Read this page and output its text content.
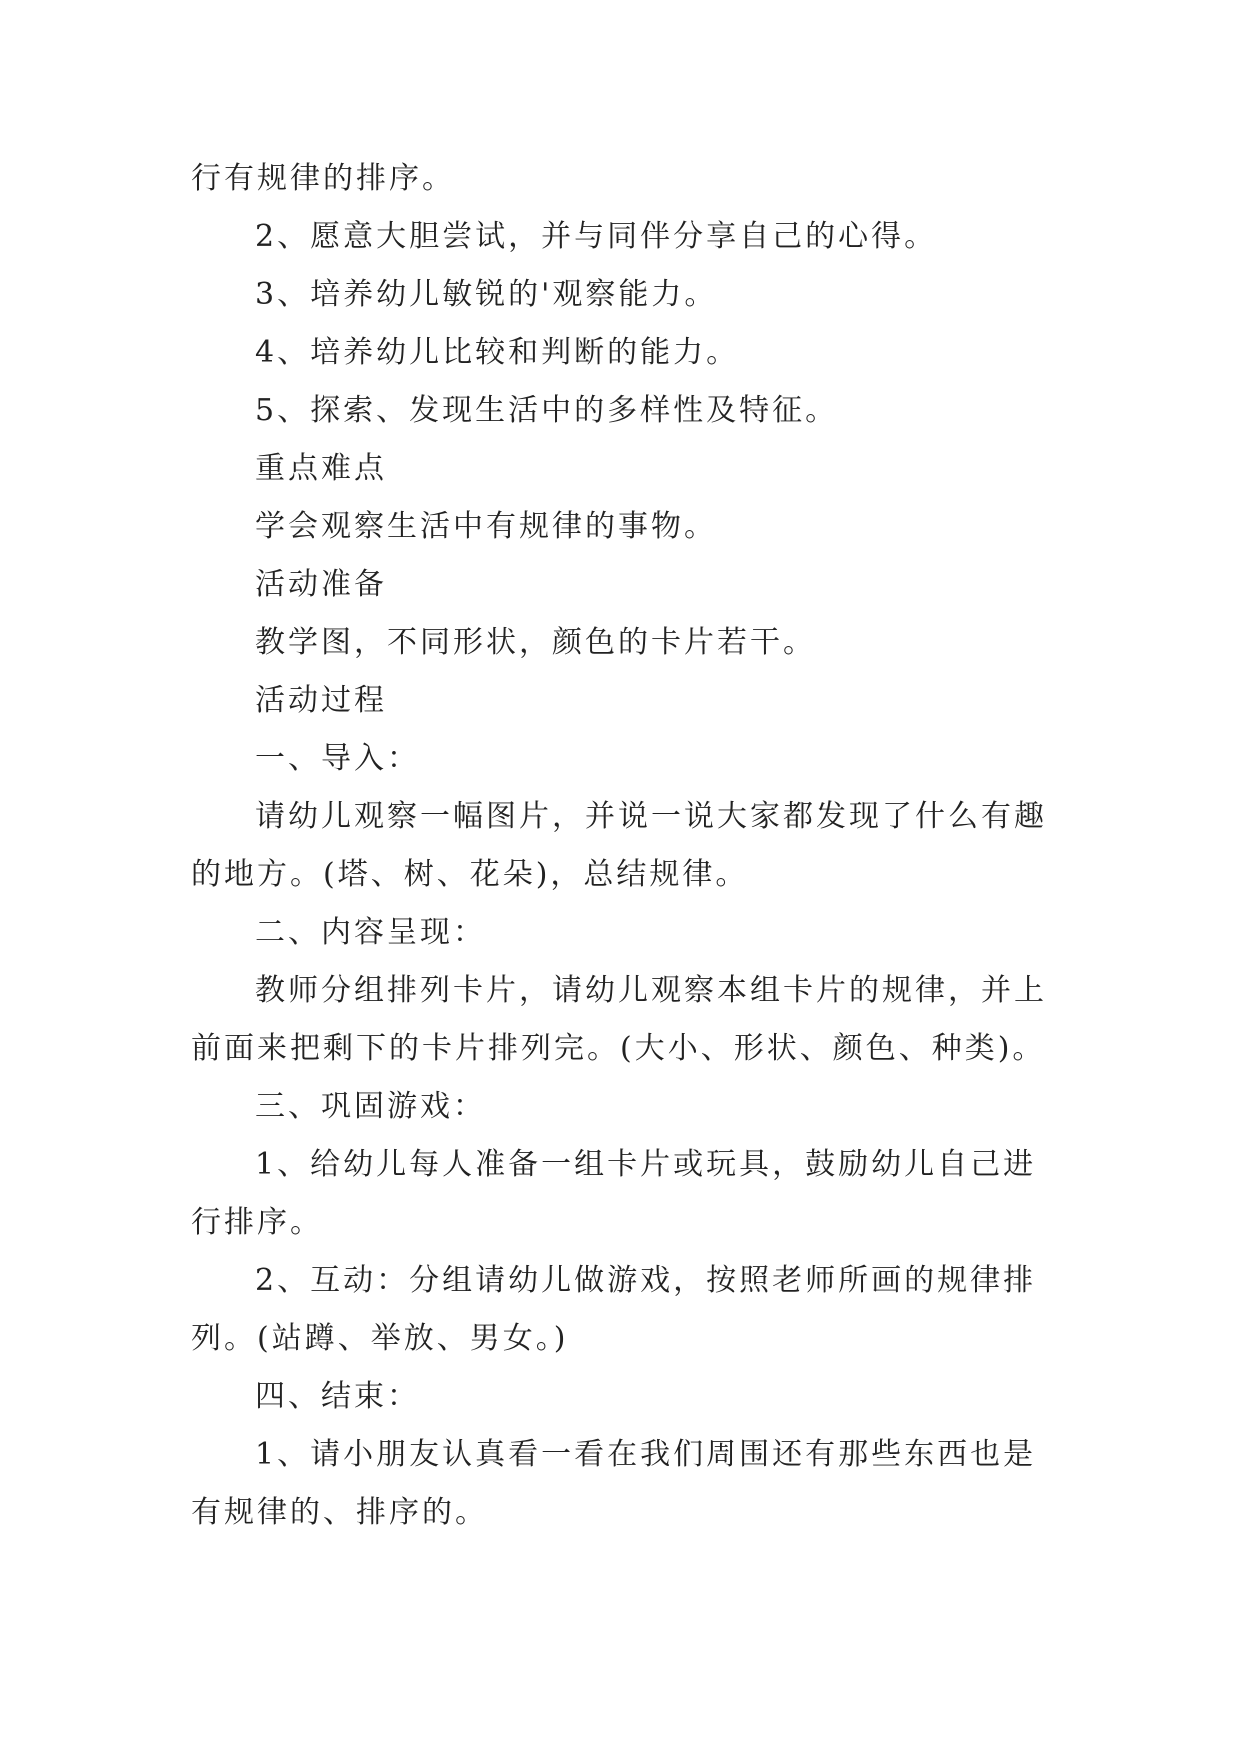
行有规律的排序。
2、愿意大胆尝试，并与同伴分享自己的心得。
3、培养幼儿敏锐的'观察能力。
4、培养幼儿比较和判断的能力。
5、探索、发现生活中的多样性及特征。
重点难点
学会观察生活中有规律的事物。
活动准备
教学图，不同形状，颜色的卡片若干。
活动过程
一、导入：
请幼儿观察一幅图片，并说一说大家都发现了什么有趣
的地方。(塔、树、花朵)，总结规律。
二、内容呈现：
教师分组排列卡片，请幼儿观察本组卡片的规律，并上
前面来把剩下的卡片排列完。(大小、形状、颜色、种类)。
三、巩固游戏：
1、给幼儿每人准备一组卡片或玩具，鼓励幼儿自己进
行排序。
2、互动：分组请幼儿做游戏，按照老师所画的规律排
列。(站蹲、举放、男女。)
四、结束：
1、请小朋友认真看一看在我们周围还有那些东西也是
有规律的、排序的。
